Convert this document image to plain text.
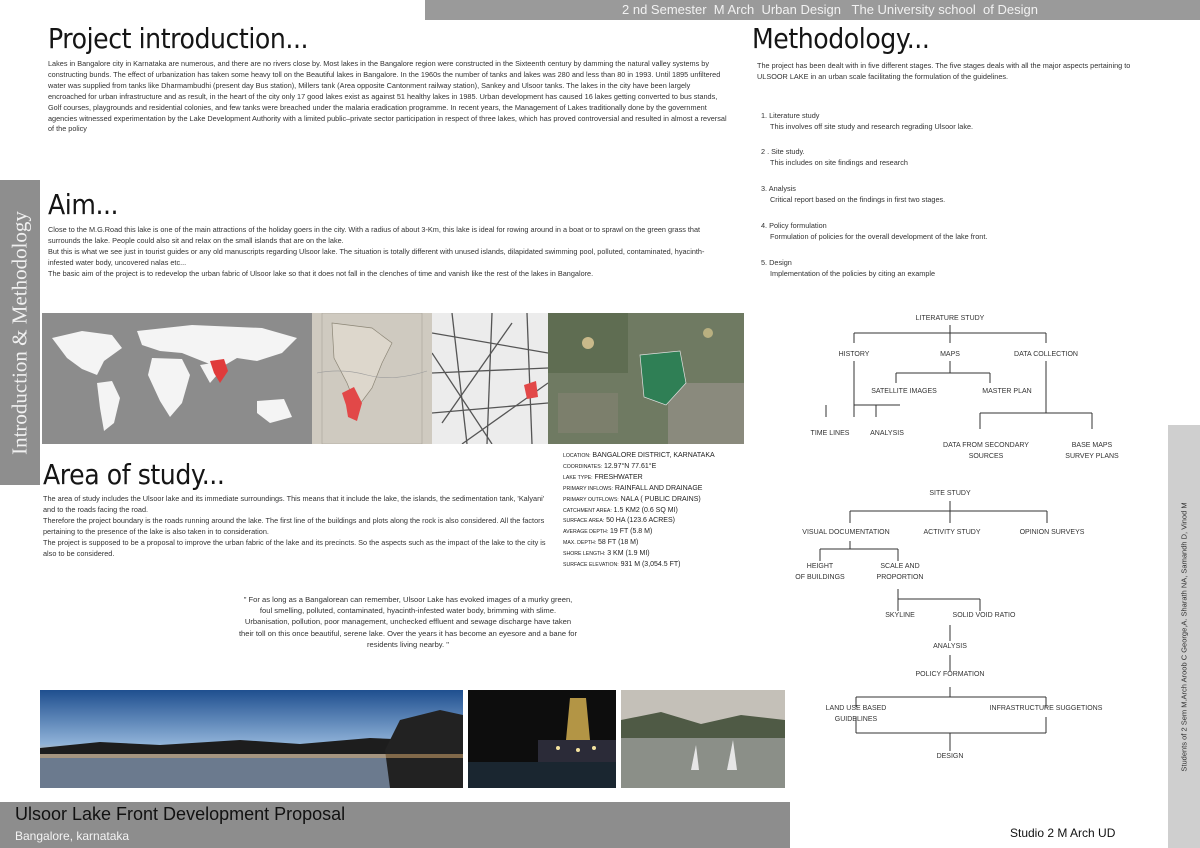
2 nd Semester  M Arch  Urban Design   The University school  of Design
Introduction & Methodology
Students of 2 Sem M.Arch Aroob C George,A. Sharath NA, Samandh D, Vinod M
Project introduction...
Lakes in Bangalore city in Karnataka are numerous, and there are no rivers close by. Most lakes in the Bangalore region were constructed in the Sixteenth century by damming the natural valley systems by constructing bunds. The effect of urbanization has taken some heavy toll on the Beautiful lakes in Bangalore. In the 1960s the number of tanks and lakes was 280 and less than 80 in 1993. Until 1895 unfiltered water was supplied from tanks like Dharmambudhi (present day Bus station), Millers tank (Area opposite Cantonment railway station), Sankey and Ulsoor tanks. The lakes in the city have been largely encroached for urban infrastructure and as result, in the heart of the city only 17 good lakes exist as against 51 healthy lakes in 1985. Urban development has caused 16 lakes getting converted to bus stands, Golf courses, playgrounds and residential colonies, and few tanks were breached under the malaria eradication programme. In recent years, the Management of Lakes traditionally done by the government agencies witnessed experimentation by the Lake Development Authority with a limited public–private sector participation in respect of three lakes, which has proved controversial and resulted in almost a reversal of the policy
Aim...

Close to the M.G.Road this lake is one of the main attractions of the holiday goers in the city. With a radius of about 3-Km, this lake is ideal for rowing around in a boat or to sprawl on the green grass that surrounds the lake. People could also sit and relax on the small islands that are on the lake.

But this is what we see just in tourist guides or any old manuscripts regarding Ulsoor lake. The situation is totally different with unused islands, dilapidated swimming pool, polluted, contaminated, hyacinth-infested water body, uncovered nalas etc...

The basic aim of the project is to redevelop the urban fabric of Ulsoor lake so that it does not fall in the clenches of time and vanish like the rest of the lakes in Bangalore.

Area of study...

The area of study includes the Ulsoor lake and its immediate surroundings. This means that it include the lake, the islands, the sedimentation tank, 'Kalyani' and to the roads facing the road.

Therefore the project boundary is the roads running around the lake. The first line of the buildings and plots along the rock is also considered. All the factors pertaining to the presence of the lake is also taken in to consideration.

The project is supposed to be a proposal to improve the urban fabric of the lake and its precincts. So the aspects such as the impact of the lake to the city is also to be considered.

LOCATION: BANGALORE DISTRICT, KARNATAKA
COORDINATES: 12.97°N 77.61°E
LAKE TYPE: FRESHWATER
PRIMARY INFLOWS: RAINFALL AND DRAINAGE
PRIMARY OUTFLOWS: NALA ( PUBLIC DRAINS)
CATCHMENT AREA: 1.5 KM2 (0.6 SQ MI)
SURFACE AREA: 50 HA (123.6 ACRES)
AVERAGE DEPTH: 19 FT (5.8 M)
MAX. DEPTH: 58 FT (18 M)
SHORE LENGTH: 3 KM (1.9 MI)
SURFACE ELEVATION: 931 M (3,054.5 FT)
" For as long as a Bangalorean can remember, Ulsoor Lake has evoked images of a murky green, foul smelling, polluted, contaminated, hyacinth-infested water body, brimming with slime. Urbanisation, pollution, poor management, unchecked effluent and sewage discharge have taken their toll on this once beautiful, serene lake. Over the years it has become an eyesore and a bane for residents living nearby. "
Ulsoor Lake Front Development Proposal
Bangalore, karnataka	Studio 2 M Arch UD
Methodology...
The project has been dealt with in five different stages. The five stages deals with all the major aspects pertaining to ULSOOR LAKE in an urban scale facilitating the formulation of the guidelines.
1. Literature study
This involves off site study and research regrading Ulsoor lake.
2 . Site study.
This includes on site findings and research
3. Analysis
Critical report based on the findings in first two stages.
4. Policy formulation
Formulation of policies for the overall development of the lake front.
5. Design
Implementation of the policies by citing an example
LITERATURE STUDY
HISTORY	MAPS	DATA COLLECTION
SATELLITE IMAGES	MASTER PLAN
TIME LINES	ANALYSIS
DATA FROM SECONDARY
SOURCES
BASE MAPS
SURVEY PLANS
SITE STUDY
VISUAL DOCUMENTATION	ACTIVITY STUDY	OPINION SURVEYS
HEIGHT
OF BUILDINGS
SCALE AND
PROPORTION
SKYLINE	SOLID VOID RATIO
ANALYSIS
POLICY FORMATION
LAND USE BASED
GUIDELINES
INFRASTRUCTURE SUGGETIONS
DESIGN
